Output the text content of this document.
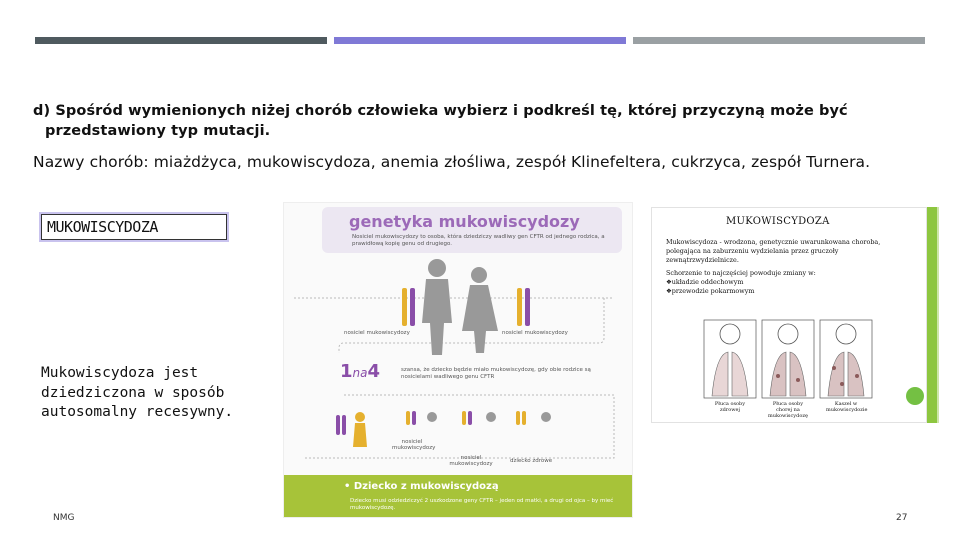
d) Spośród wymienionych niżej chorób człowieka wybierz i podkreśl tę, której przyczyną może być
przedstawiony typ mutacji.
Nazwy chorób: miażdżyca, mukowiscydoza, anemia złośliwa, zespół Klinefeltera, cukrzyca, zespół Turnera.
MUKOWISCYDOZA
Mukowiscydoza jest dziedziczona w sposób autosomalny recesywny.
genetyka mukowiscydozy
Nosiciel mukowiscydozy to osoba, która dziedziczy wadliwy gen CFTR od jednego rodzica, a prawidłową kopię genu od drugiego.
nosiciel mukowiscydozy	nosiciel mukowiscydozy
1na4	szansa, że dziecko będzie miało mukowiscydozę, gdy obie rodzice są nosicielami wadliwego genu CFTR
nosiciel mukowiscydozy
nosiciel mukowiscydozy	dziecko zdrowe
• Dziecko z mukowiscydozą
Dziecko musi odziedziczyć 2 uszkodzone geny CFTR – jeden od matki, a drugi od ojca – by mieć mukowiscydozę.
MUKOWISCYDOZA
Mukowiscydoza - wrodzona, genetycznie uwarunkowana choroba, polegająca na zaburzeniu wydzielania przez gruczoły zewnątrzwydzielnicze.
Schorzenie to najczęściej powoduje zmiany w:
❖układzie oddechowym
❖przewodzie pokarmowym
Płuca osoby zdrowej
Płuca osoby chorej na mukowiscydozę
Kaszel w mukowiscydozie
NMG	27
